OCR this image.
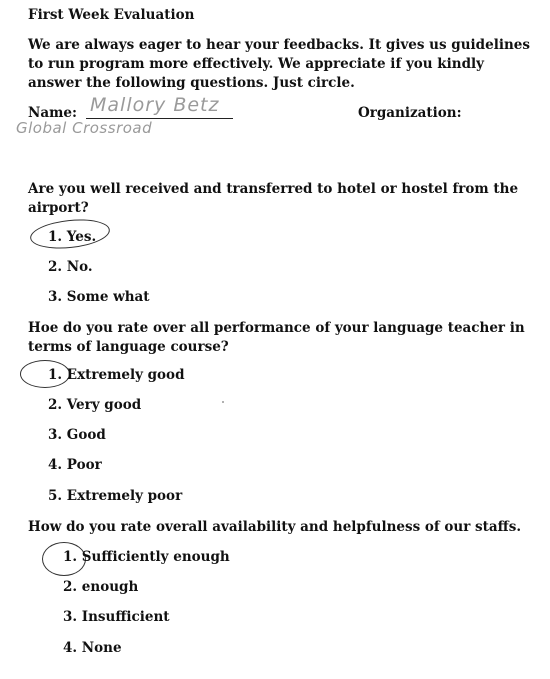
First Week Evaluation
We are always eager to hear your feedbacks. It gives us guidelines to run program more effectively. We appreciate if you kindly answer the following questions. Just circle.
Name: Mallory Betz	Organization:
Global Crossroad
Are you well received and transferred to hotel or hostel from the airport?
1. Yes.
2. No.
3. Some what
Hoe do you rate over all performance of your language teacher in terms of language course?
1. Extremely good
2. Very good
3. Good
4. Poor
5. Extremely poor
How do you rate overall availability and helpfulness of our staffs.
1. Sufficiently enough
2. enough
3. Insufficient
4. None
